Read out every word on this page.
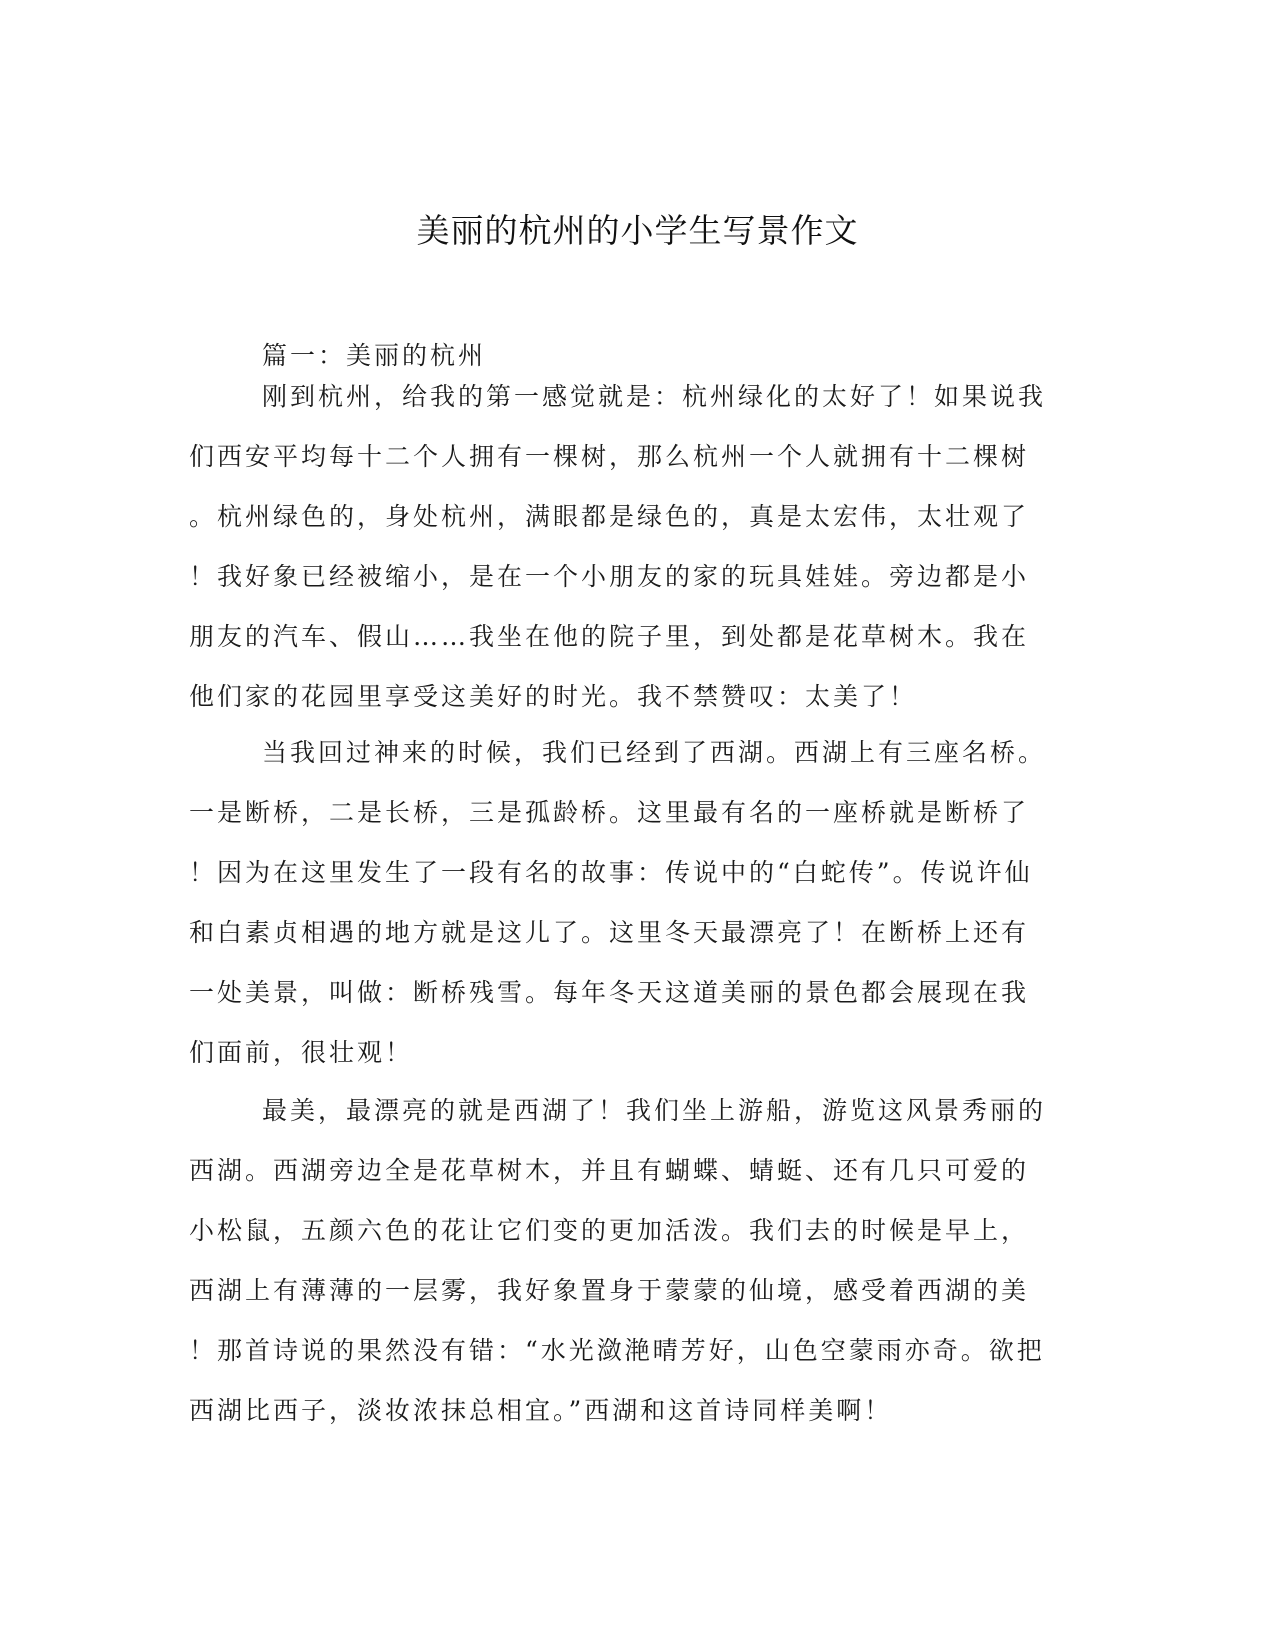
美丽的杭州的小学生写景作文
篇一：美丽的杭州
刚到杭州，给我的第一感觉就是：杭州绿化的太好了！如果说我
们西安平均每十二个人拥有一棵树，那么杭州一个人就拥有十二棵树
。杭州绿色的，身处杭州，满眼都是绿色的，真是太宏伟，太壮观了
！我好象已经被缩小，是在一个小朋友的家的玩具娃娃。旁边都是小
朋友的汽车、假山……我坐在他的院子里，到处都是花草树木。我在
他们家的花园里享受这美好的时光。我不禁赞叹：太美了！
当我回过神来的时候，我们已经到了西湖。西湖上有三座名桥。
一是断桥，二是长桥，三是孤龄桥。这里最有名的一座桥就是断桥了
！因为在这里发生了一段有名的故事：传说中的“白蛇传”。传说许仙
和白素贞相遇的地方就是这儿了。这里冬天最漂亮了！在断桥上还有
一处美景，叫做：断桥残雪。每年冬天这道美丽的景色都会展现在我
们面前，很壮观！
最美，最漂亮的就是西湖了！我们坐上游船，游览这风景秀丽的
西湖。西湖旁边全是花草树木，并且有蝴蝶、蜻蜓、还有几只可爱的
小松鼠，五颜六色的花让它们变的更加活泼。我们去的时候是早上，
西湖上有薄薄的一层雾，我好象置身于蒙蒙的仙境，感受着西湖的美
！那首诗说的果然没有错：“水光潋滟晴芳好，山色空蒙雨亦奇。欲把
西湖比西子，淡妆浓抹总相宜。”西湖和这首诗同样美啊！
